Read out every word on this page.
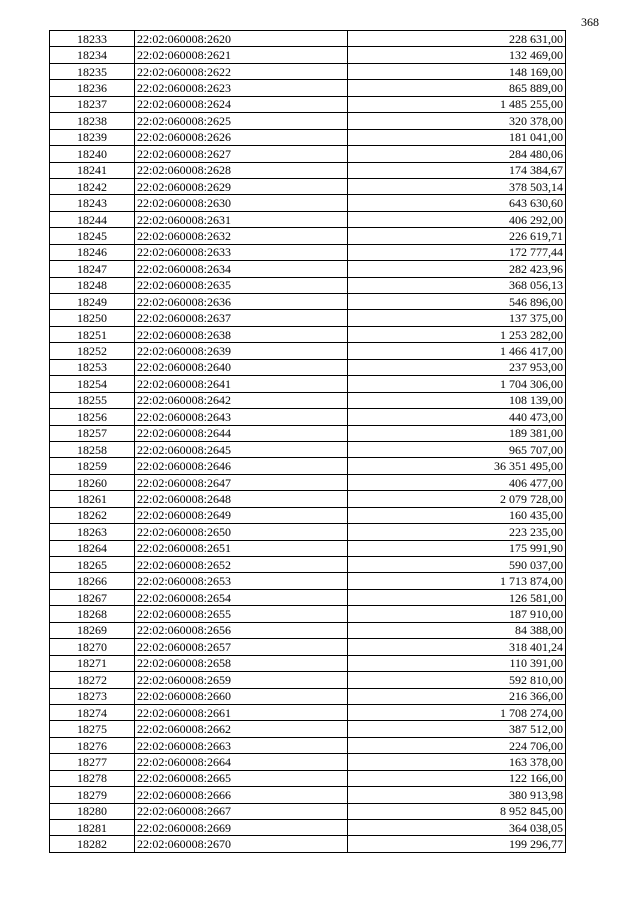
368
18233	22:02:060008:2620	228 631,00
18234	22:02:060008:2621	132 469,00
18235	22:02:060008:2622	148 169,00
18236	22:02:060008:2623	865 889,00
18237	22:02:060008:2624	1 485 255,00
18238	22:02:060008:2625	320 378,00
18239	22:02:060008:2626	181 041,00
18240	22:02:060008:2627	284 480,06
18241	22:02:060008:2628	174 384,67
18242	22:02:060008:2629	378 503,14
18243	22:02:060008:2630	643 630,60
18244	22:02:060008:2631	406 292,00
18245	22:02:060008:2632	226 619,71
18246	22:02:060008:2633	172 777,44
18247	22:02:060008:2634	282 423,96
18248	22:02:060008:2635	368 056,13
18249	22:02:060008:2636	546 896,00
18250	22:02:060008:2637	137 375,00
18251	22:02:060008:2638	1 253 282,00
18252	22:02:060008:2639	1 466 417,00
18253	22:02:060008:2640	237 953,00
18254	22:02:060008:2641	1 704 306,00
18255	22:02:060008:2642	108 139,00
18256	22:02:060008:2643	440 473,00
18257	22:02:060008:2644	189 381,00
18258	22:02:060008:2645	965 707,00
18259	22:02:060008:2646	36 351 495,00
18260	22:02:060008:2647	406 477,00
18261	22:02:060008:2648	2 079 728,00
18262	22:02:060008:2649	160 435,00
18263	22:02:060008:2650	223 235,00
18264	22:02:060008:2651	175 991,90
18265	22:02:060008:2652	590 037,00
18266	22:02:060008:2653	1 713 874,00
18267	22:02:060008:2654	126 581,00
18268	22:02:060008:2655	187 910,00
18269	22:02:060008:2656	84 388,00
18270	22:02:060008:2657	318 401,24
18271	22:02:060008:2658	110 391,00
18272	22:02:060008:2659	592 810,00
18273	22:02:060008:2660	216 366,00
18274	22:02:060008:2661	1 708 274,00
18275	22:02:060008:2662	387 512,00
18276	22:02:060008:2663	224 706,00
18277	22:02:060008:2664	163 378,00
18278	22:02:060008:2665	122 166,00
18279	22:02:060008:2666	380 913,98
18280	22:02:060008:2667	8 952 845,00
18281	22:02:060008:2669	364 038,05
18282	22:02:060008:2670	199 296,77
